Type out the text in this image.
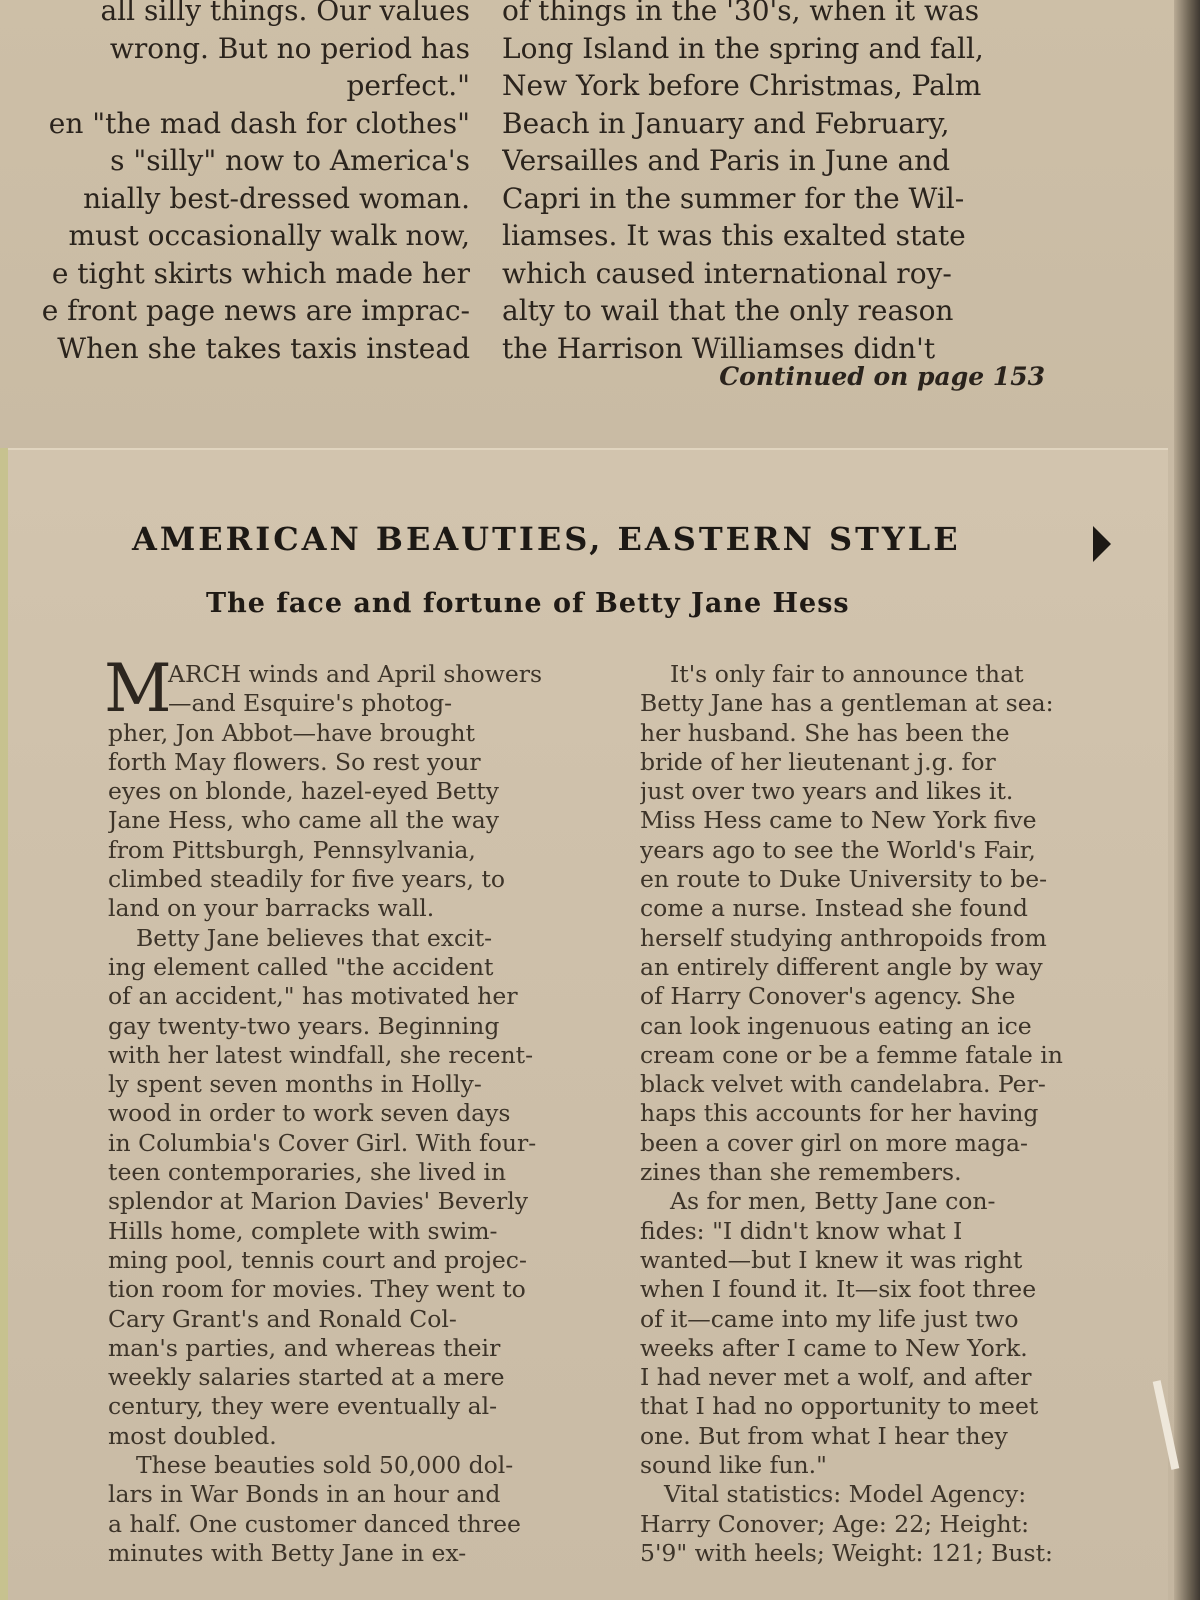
all silly things. Our values
wrong. But no period has
perfect."
en "the mad dash for clothes"
s "silly" now to America's
nially best-dressed woman.
must occasionally walk now,
e tight skirts which made her
e front page news are imprac-
When she takes taxis instead
of things in the '30's, when it was
Long Island in the spring and fall,
New York before Christmas, Palm
Beach in January and February,
Versailles and Paris in June and
Capri in the summer for the Wil-
liamses. It was this exalted state
which caused international roy-
alty to wail that the only reason
the Harrison Williamses didn't
Continued on page 153
AMERICAN BEAUTIES, EASTERN STYLE
The face and fortune of Betty Jane Hess
M
ARCH winds and April showers
—and Esquire's photog-
pher, Jon Abbot—have brought
forth May flowers. So rest your
eyes on blonde, hazel-eyed Betty
Jane Hess, who came all the way
from Pittsburgh, Pennsylvania,
climbed steadily for five years, to
land on your barracks wall.
Betty Jane believes that excit-
ing element called "the accident
of an accident," has motivated her
gay twenty-two years. Beginning
with her latest windfall, she recent-
ly spent seven months in Holly-
wood in order to work seven days
in Columbia's Cover Girl. With four-
teen contemporaries, she lived in
splendor at Marion Davies' Beverly
Hills home, complete with swim-
ming pool, tennis court and projec-
tion room for movies. They went to
Cary Grant's and Ronald Col-
man's parties, and whereas their
weekly salaries started at a mere
century, they were eventually al-
most doubled.
These beauties sold 50,000 dol-
lars in War Bonds in an hour and
a half. One customer danced three
minutes with Betty Jane in ex-
It's only fair to announce that
Betty Jane has a gentleman at sea:
her husband. She has been the
bride of her lieutenant j.g. for
just over two years and likes it.
Miss Hess came to New York five
years ago to see the World's Fair,
en route to Duke University to be-
come a nurse. Instead she found
herself studying anthropoids from
an entirely different angle by way
of Harry Conover's agency. She
can look ingenuous eating an ice
cream cone or be a femme fatale in
black velvet with candelabra. Per-
haps this accounts for her having
been a cover girl on more maga-
zines than she remembers.
As for men, Betty Jane con-
fides: "I didn't know what I
wanted—but I knew it was right
when I found it. It—six foot three
of it—came into my life just two
weeks after I came to New York.
I had never met a wolf, and after
that I had no opportunity to meet
one. But from what I hear they
sound like fun."
Vital statistics: Model Agency:
Harry Conover; Age: 22; Height:
5'9" with heels; Weight: 121; Bust:
